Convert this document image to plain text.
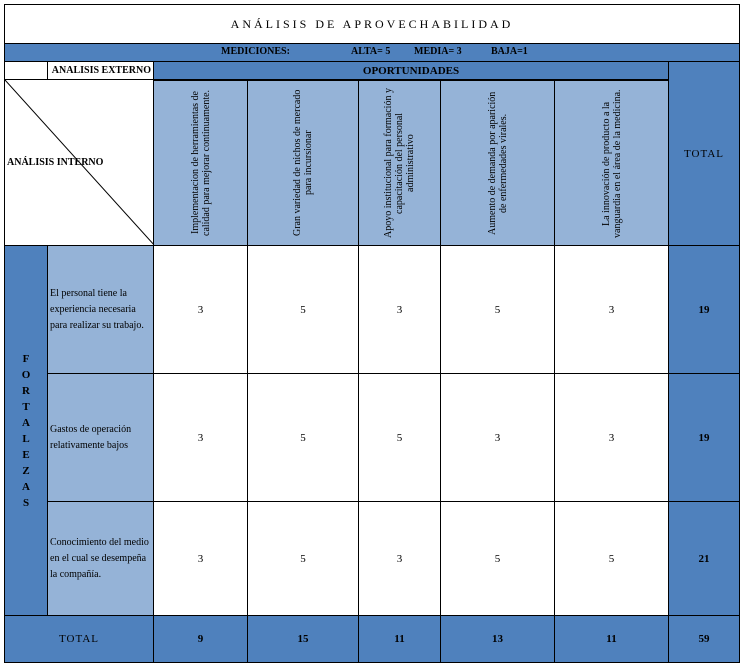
ANÁLISIS DE APROVECHABILIDAD
MEDICIONES:	ALTA= 5 MEDIA= 3	BAJA=1
ANALISIS EXTERNO	OPORTUNIDADES
TOTAL
ANÁLISIS INTERNO	Implementacion de herramientas de calidad para mejorar continuamente.	Gran variedad de nichos de mercado para incursionar	Apoyo institucional para formación y capacitación del personal administrativo	Aumento de demanda por aparición de enfermedades virales.	La innovación de producto a la vanguardia en el área de la medicina.
FORTALEZAS
El personal tiene la experiencia necesaria para realizar su trabajo.
3	5	3	5	3	19
Gastos de operación relativamente bajos
3	5	5	3	3	19
Conocimiento del medio en el cual se desempeña la compañía.
3	5	3	5	5	21
TOTAL	9	15	11	13	11	59
